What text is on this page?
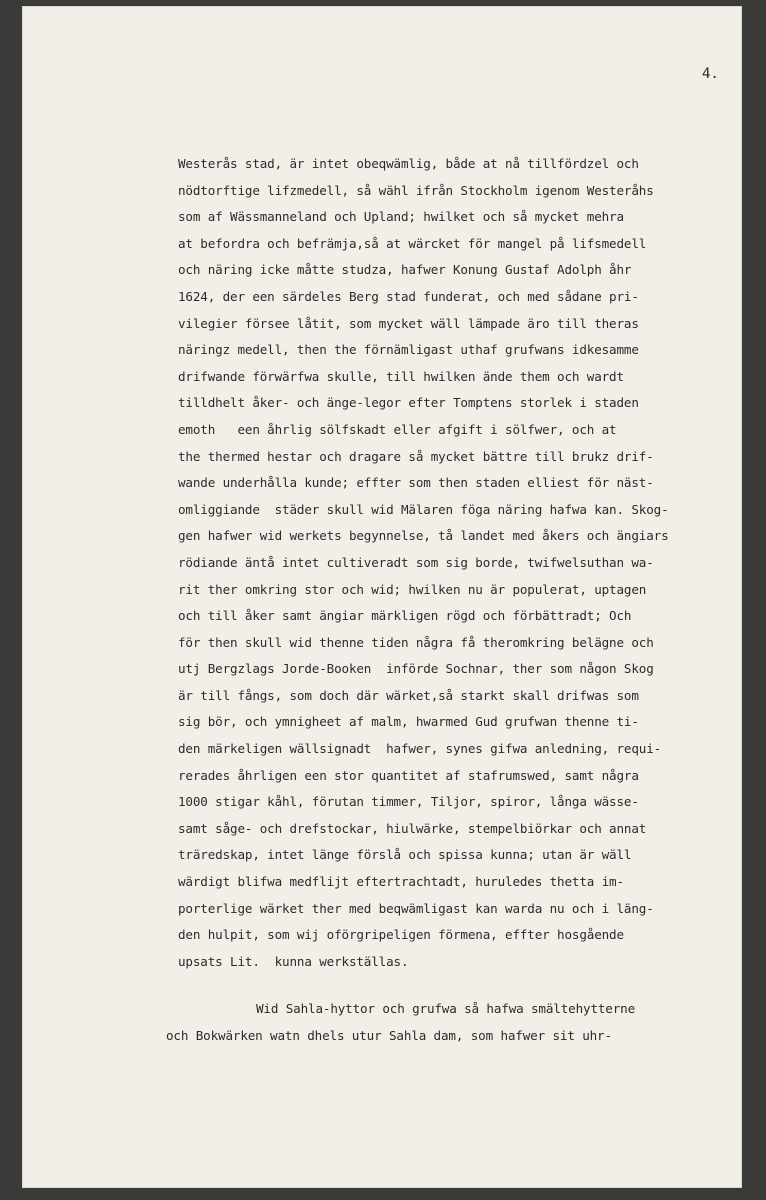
4.
Westerås stad, är intet obeqwämlig, både at nå tillfördzel och
nödtorftige lifzmedell, så wähl ifrån Stockholm igenom Westeråhs
som af Wässmanneland och Upland; hwilket och så mycket mehra
at befordra och befrämja,så at wärcket för mangel på lifsmedell
och näring icke måtte studza, hafwer Konung Gustaf Adolph åhr
1624, der een särdeles Berg stad funderat, och med sådane pri-
vilegier försee låtit, som mycket wäll lämpade äro till theras
näringz medell, then the förnämligast uthaf grufwans idkesamme
drifwande förwärfwa skulle, till hwilken ände them och wardt
tilldhelt åker- och änge-legor efter Tomptens storlek i staden
emoth   een åhrlig sölfskadt eller afgift i sölfwer, och at
the thermed hestar och dragare så mycket bättre till brukz drif-
wande underhålla kunde; effter som then staden elliest för näst-
omliggiande  städer skull wid Mälaren föga näring hafwa kan. Skog-
gen hafwer wid werkets begynnelse, tå landet med åkers och ängiars
rödiande äntå intet cultiveradt som sig borde, twifwelsuthan wa-
rit ther omkring stor och wid; hwilken nu är populerat, uptagen
och till åker samt ängiar märkligen rögd och förbättradt; Och
för then skull wid thenne tiden några få theromkring belägne och
utj Bergzlags Jorde-Booken  införde Sochnar, ther som någon Skog
är till fångs, som doch där wärket,så starkt skall drifwas som
sig bör, och ymnigheet af malm, hwarmed Gud grufwan thenne ti-
den märkeligen wällsignadt  hafwer, synes gifwa anledning, requi-
rerades åhrligen een stor quantitet af stafrumswed, samt några
1000 stigar kåhl, förutan timmer, Tiljor, spiror, långa wässe-
samt såge- och drefstockar, hiulwärke, stempelbiörkar och annat
träredskap, intet länge förslå och spissa kunna; utan är wäll
wärdigt blifwa medflijt eftertrachtadt, huruledes thetta im-
porterlige wärket ther med beqwämligast kan warda nu och i läng-
den hulpit, som wij oförgripeligen förmena, effter hosgående
upsats Lit.  kunna werkställas.
Wid Sahla-hyttor och grufwa så hafwa smältehytterne
och Bokwärken watn dhels utur Sahla dam, som hafwer sit uhr-
